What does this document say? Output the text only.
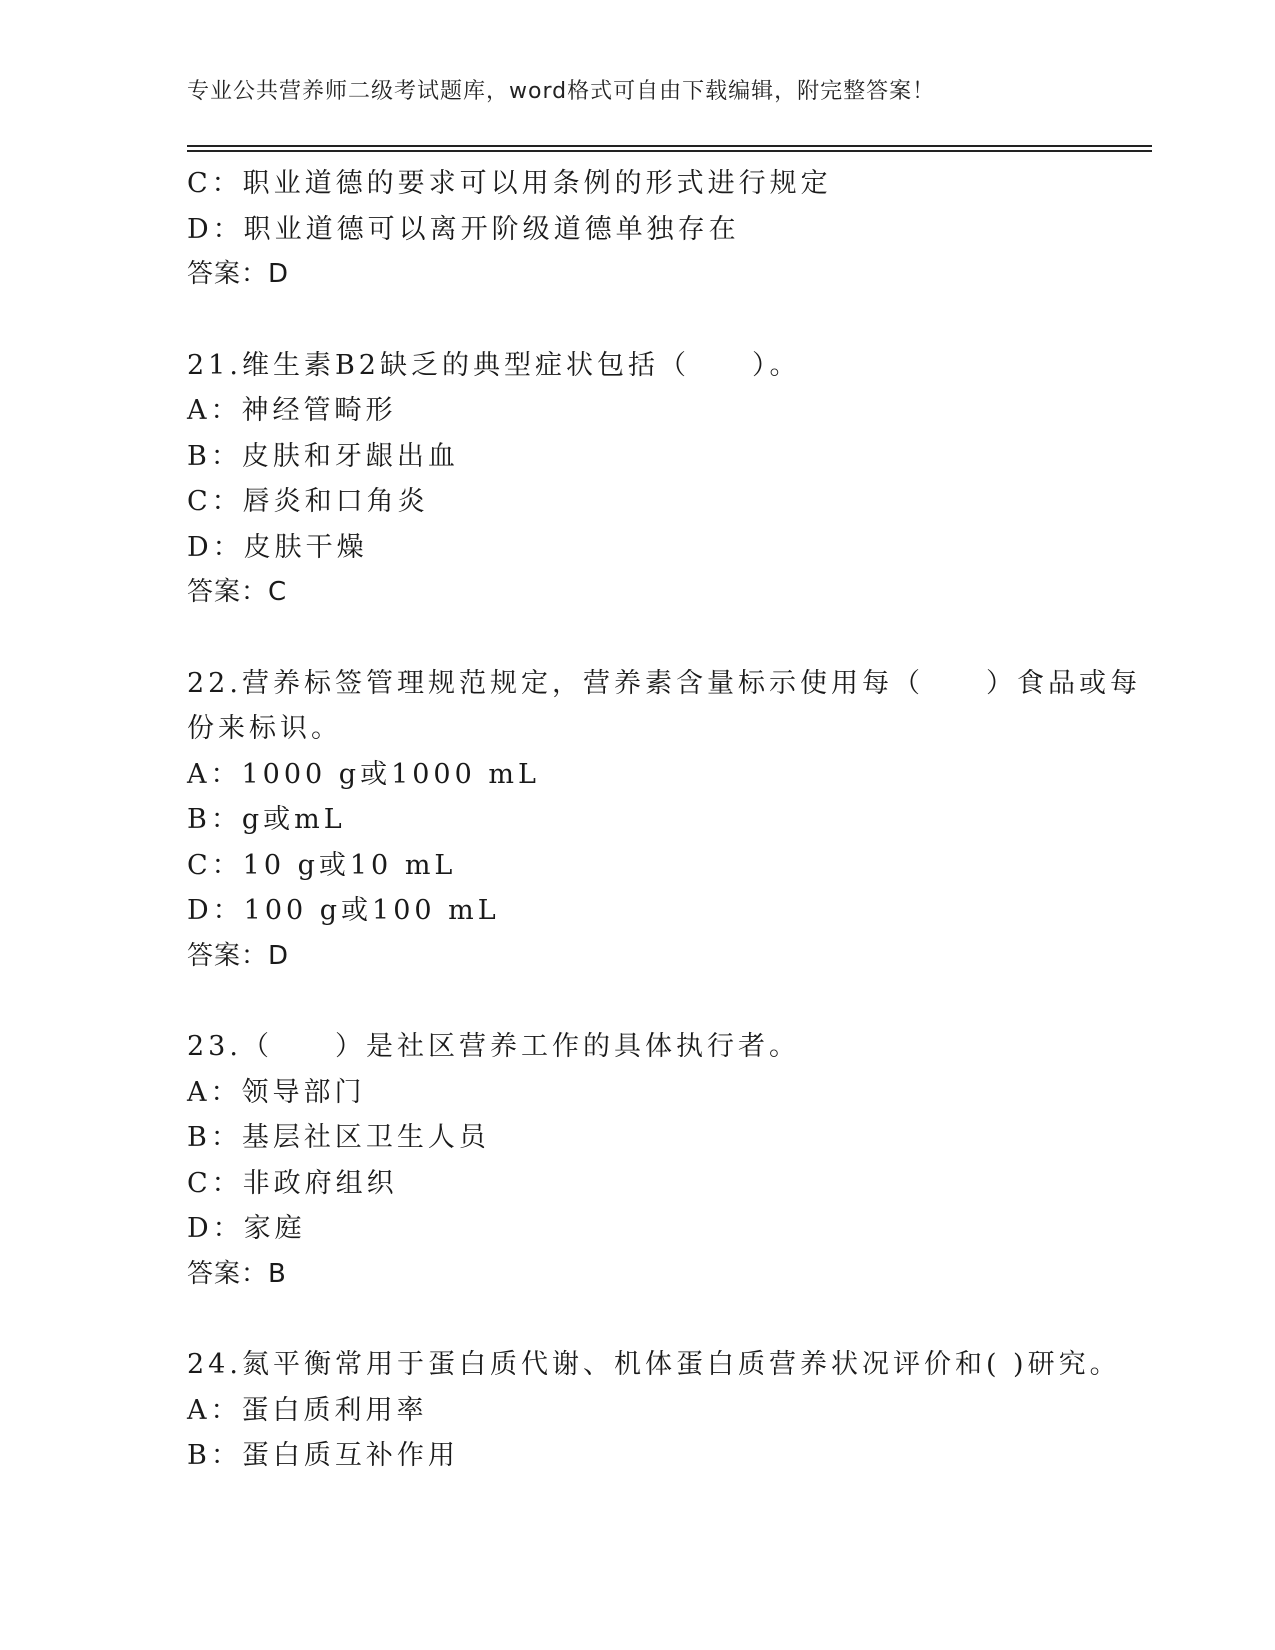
专业公共营养师二级考试题库，word格式可自由下载编辑，附完整答案！
C：职业道德的要求可以用条例的形式进行规定
D：职业道德可以离开阶级道德单独存在
答案：D
21.维生素B2缺乏的典型症状包括（　　）。
A：神经管畸形
B：皮肤和牙龈出血
C：唇炎和口角炎
D：皮肤干燥
答案：C
22.营养标签管理规范规定，营养素含量标示使用每（　　）食品或每
份来标识。
A：1000 g或1000 mL
B：g或mL
C：10 g或10 mL
D：100 g或100 mL
答案：D
23.（　　）是社区营养工作的具体执行者。
A：领导部门
B：基层社区卫生人员
C：非政府组织
D：家庭
答案：B
24.氮平衡常用于蛋白质代谢、机体蛋白质营养状况评价和( )研究。
A：蛋白质利用率
B：蛋白质互补作用
